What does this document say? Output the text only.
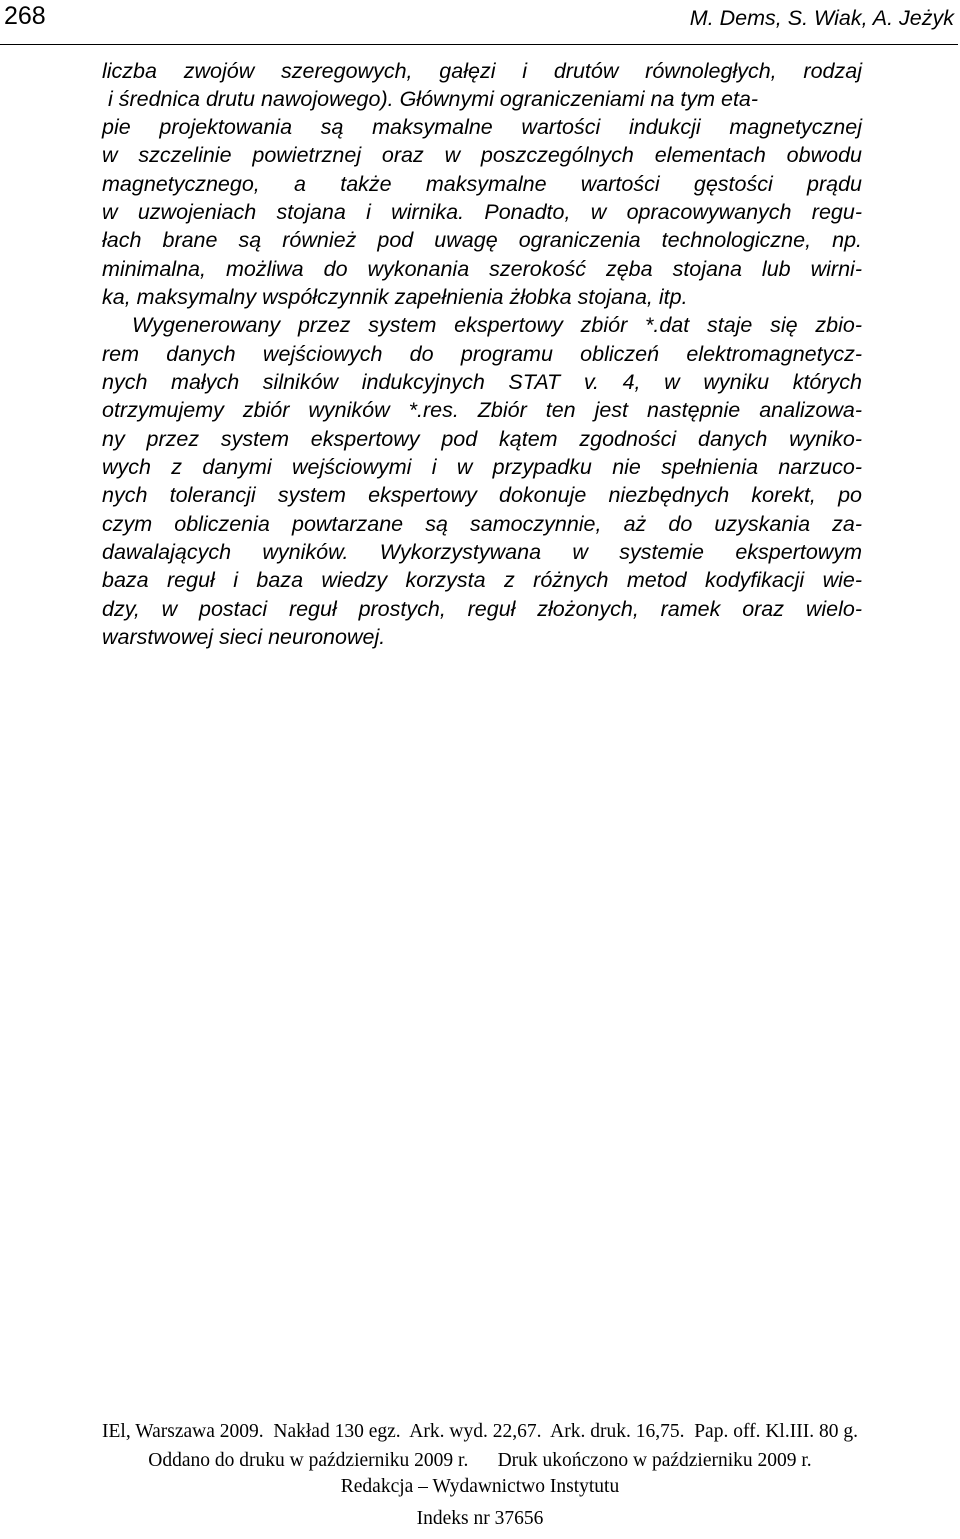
268	M. Dems, S. Wiak, A. Jeżyk
liczba zwojów szeregowych, gałęzi i drutów równoległych, rodzaj
i średnica drutu nawojowego). Głównymi ograniczeniami na tym eta-
pie projektowania są maksymalne wartości indukcji magnetycznej
w szczelinie powietrznej oraz w poszczególnych elementach obwodu
magnetycznego, a także maksymalne wartości gęstości prądu
w uzwojeniach stojana i wirnika. Ponadto, w opracowywanych regu-
łach brane są również pod uwagę ograniczenia technologiczne, np.
minimalna, możliwa do wykonania szerokość zęba stojana lub wirni-
ka, maksymalny współczynnik zapełnienia żłobka stojana, itp.
Wygenerowany przez system ekspertowy zbiór *.dat staje się zbio-
rem danych wejściowych do programu obliczeń elektromagnetycz-
nych małych silników indukcyjnych STAT v. 4, w wyniku których
otrzymujemy zbiór wyników *.res. Zbiór ten jest następnie analizowa-
ny przez system ekspertowy pod kątem zgodności danych wyniko-
wych z danymi wejściowymi i w przypadku nie spełnienia narzuco-
nych tolerancji system ekspertowy dokonuje niezbędnych korekt, po
czym obliczenia powtarzane są samoczynnie, aż do uzyskania za-
dawalających wyników. Wykorzystywana w systemie ekspertowym
baza reguł i baza wiedzy korzysta z różnych metod kodyfikacji wie-
dzy, w postaci reguł prostych, reguł złożonych, ramek oraz wielo-
warstwowej sieci neuronowej.
IEl, Warszawa 2009.  Nakład 130 egz.  Ark. wyd. 22,67.  Ark. druk. 16,75.  Pap. off. Kl.III. 80 g.
Oddano do druku w październiku 2009 r.      Druk ukończono w październiku 2009 r.
Redakcja – Wydawnictwo Instytutu
Indeks nr 37656
